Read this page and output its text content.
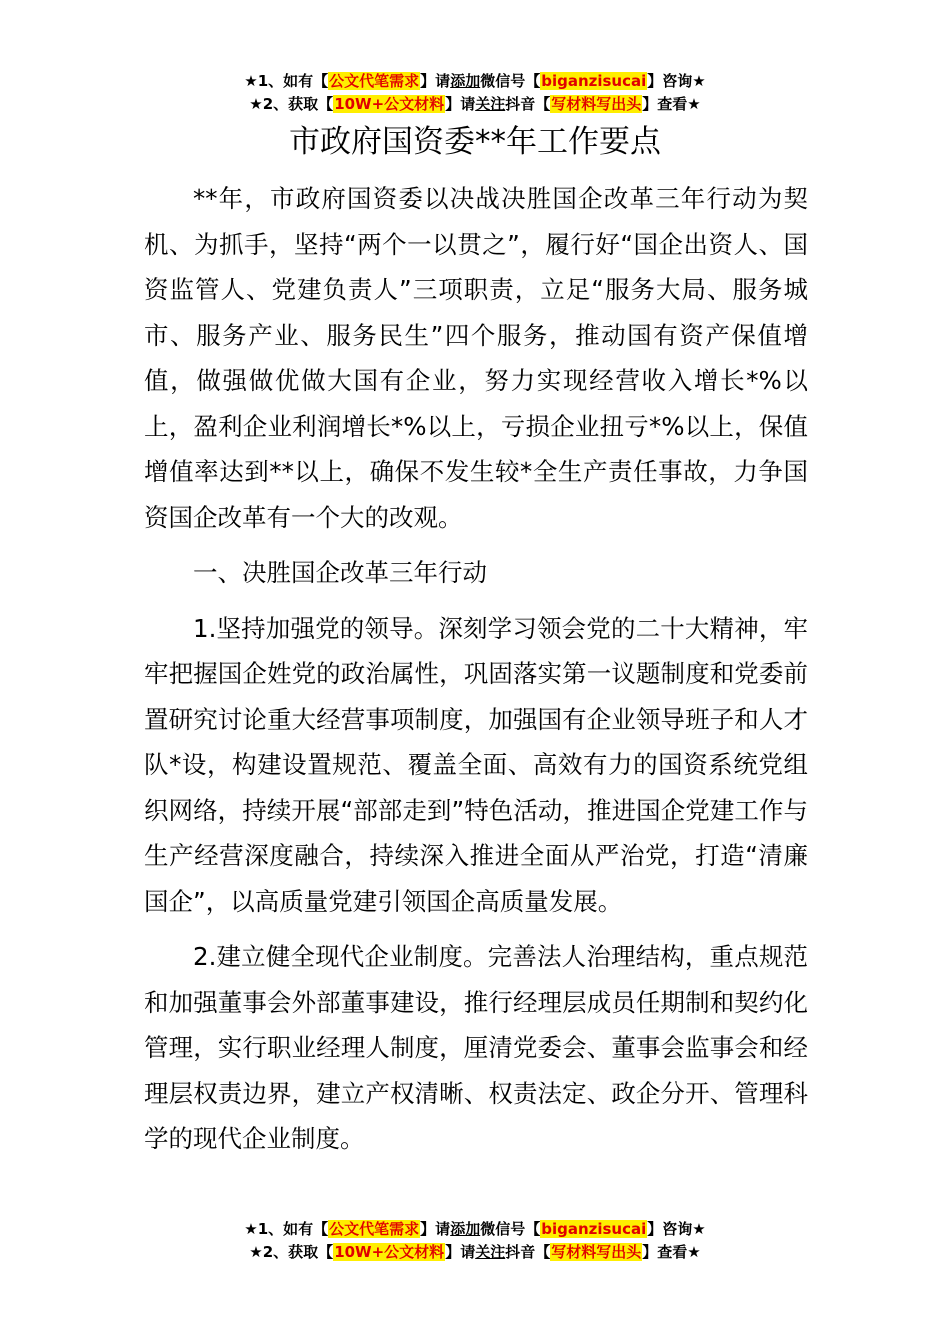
★1、如有【公文代笔需求】请添加微信号【biganzisucai】咨询★
★2、获取【10W+公文材料】请关注抖音【写材料写出头】查看★
市政府国资委**年工作要点

**年，市政府国资委以决战决胜国企改革三年行动为契机、为抓手，坚持“两个一以贯之”，履行好“国企出资人、国资监管人、党建负责人”三项职责，立足“服务大局、服务城市、服务产业、服务民生”四个服务，推动国有资产保值增值，做强做优做大国有企业，努力实现经营收入增长*%以上，盈利企业利润增长*%以上，亏损企业扭亏*%以上，保值增值率达到**以上，确保不发生较*全生产责任事故，力争国资国企改革有一个大的改观。

一、决胜国企改革三年行动

1.坚持加强党的领导。深刻学习领会党的二十大精神，牢牢把握国企姓党的政治属性，巩固落实第一议题制度和党委前置研究讨论重大经营事项制度，加强国有企业领导班子和人才队*设，构建设置规范、覆盖全面、高效有力的国资系统党组织网络，持续开展“部部走到”特色活动，推进国企党建工作与生产经营深度融合，持续深入推进全面从严治党，打造“清廉国企”，以高质量党建引领国企高质量发展。

2.建立健全现代企业制度。完善法人治理结构，重点规范和加强董事会外部董事建设，推行经理层成员任期制和契约化管理，实行职业经理人制度，厘清党委会、董事会监事会和经理层权责边界，建立产权清晰、权责法定、政企分开、管理科学的现代企业制度。

★1、如有【公文代笔需求】请添加微信号【biganzisucai】咨询★
★2、获取【10W+公文材料】请关注抖音【写材料写出头】查看★
